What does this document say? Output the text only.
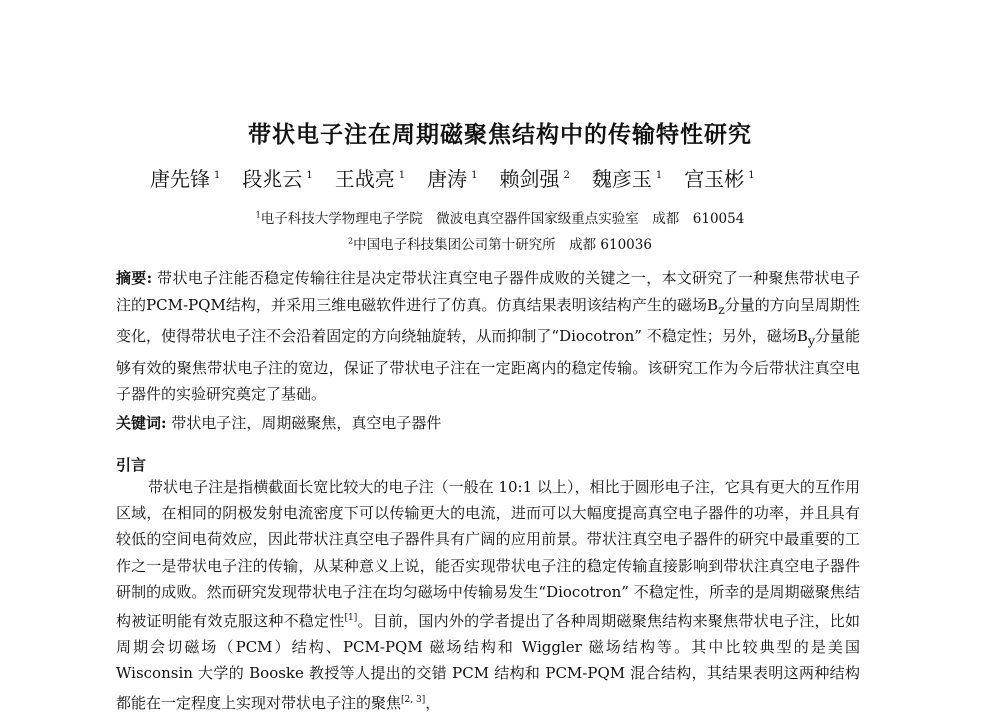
带状电子注在周期磁聚焦结构中的传输特性研究
唐先锋 $^1$ 段兆云 $^1$ 王战亮 $^1$ 唐涛 $^1$ 赖剑强 $^2$ 魏彦玉 $^1$ 宫玉彬 $^1$
$^1$电子科技大学物理电子学院　微波电真空器件国家级重点实验室　成都　610054
$^2$中国电子科技集团公司第十研究所　成都 610036
摘要: 带状电子注能否稳定传输往往是决定带状注真空电子器件成败的关键之一，本文研究了一种聚焦带状电子注的PCM-PQM结构，并采用三维电磁软件进行了仿真。仿真结果表明该结构产生的磁场$B_z$分量的方向呈周期性变化，使得带状电子注不会沿着固定的方向绕轴旋转，从而抑制了“Diocotron” 不稳定性；另外，磁场$B_y$分量能够有效的聚焦带状电子注的宽边，保证了带状电子注在一定距离内的稳定传输。该研究工作为今后带状注真空电子器件的实验研究奠定了基础。
关键词: 带状电子注，周期磁聚焦，真空电子器件
引言
带状电子注是指横截面长宽比较大的电子注（一般在 10:1 以上），相比于圆形电子注，它具有更大的互作用区域，在相同的阴极发射电流密度下可以传输更大的电流，进而可以大幅度提高真空电子器件的功率，并且具有较低的空间电荷效应，因此带状注真空电子器件具有广阔的应用前景。带状注真空电子器件的研究中最重要的工作之一是带状电子注的传输，从某种意义上说，能否实现带状电子注的稳定传输直接影响到带状注真空电子器件研制的成败。然而研究发现带状电子注在均匀磁场中传输易发生“Diocotron” 不稳定性，所幸的是周期磁聚焦结构被证明能有效克服这种不稳定性[1]。目前，国内外的学者提出了各种周期磁聚焦结构来聚焦带状电子注，比如周期会切磁场（PCM）结构、PCM-PQM 磁场结构和 Wiggler 磁场结构等。其中比较典型的是美国 Wisconsin 大学的 Booske 教授等人提出的交错 PCM 结构和 PCM-PQM 混合结构，其结果表明这两种结构都能在一定程度上实现对带状电子注的聚焦[2, 3]，
